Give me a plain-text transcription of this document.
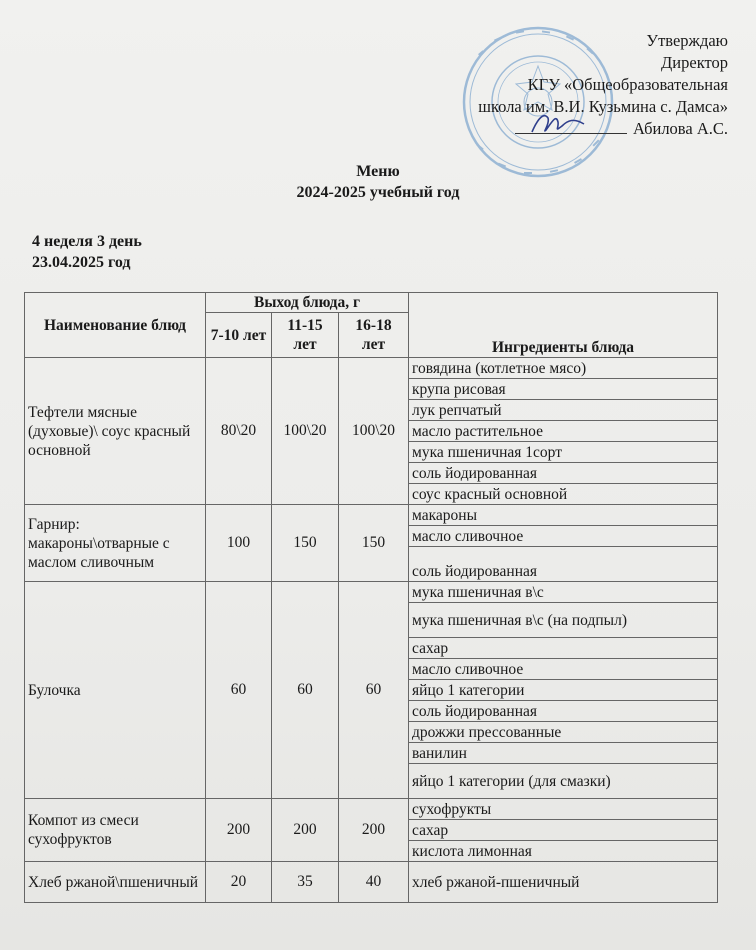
Утверждаю
Директор
КГУ «Общеобразовательная
школа им. В.И. Кузьмина с. Дамса»
Абилова А.С.
Меню
2024-2025 учебный год
4 неделя 3 день
23.04.2025 год
Наименование блюд	Выход блюда, г			Ингредиенты блюда
	7-10 лет	11-15 лет	16-18 лет	
Тефтели мясные (духовые)\ соус красный основной	80\20	100\20	100\20	говядина (котлетное мясо)
				крупа рисовая
				лук репчатый
				масло растительное
				мука пшеничная 1сорт
				соль йодированная
				соус красный основной
Гарнир: макароны\отварные с маслом сливочным	100	150	150	макароны
				масло сливочное
				соль йодированная
Булочка	60	60	60	мука пшеничная в\с
				мука пшеничная в\с (на подпыл)
				сахар
				масло сливочное
				яйцо 1 категории
				соль йодированная
				дрожжи прессованные
				ванилин
				яйцо 1 категории (для смазки)
Компот из смеси сухофруктов	200	200	200	сухофрукты
				сахар
				кислота лимонная
Хлеб ржаной\пшеничный	20	35	40	хлеб ржаной-пшеничный
